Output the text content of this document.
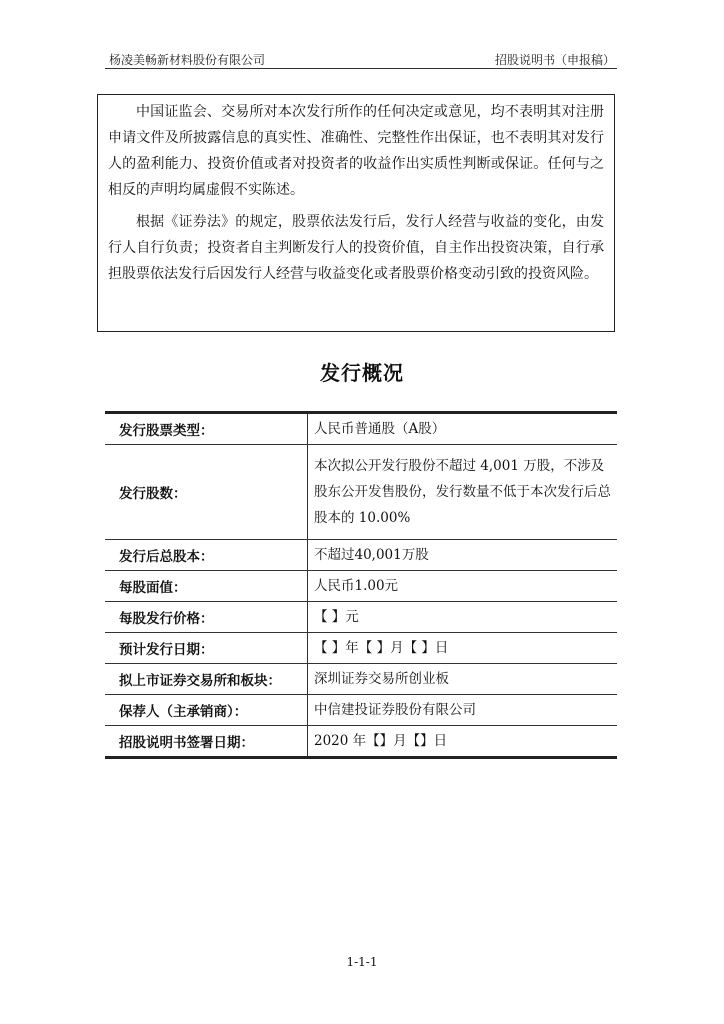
杨凌美畅新材料股份有限公司	招股说明书（申报稿）

中国证监会、交易所对本次发行所作的任何决定或意见，均不表明其对注册申请文件及所披露信息的真实性、准确性、完整性作出保证，也不表明其对发行人的盈利能力、投资价值或者对投资者的收益作出实质性判断或保证。任何与之相反的声明均属虚假不实陈述。

根据《证券法》的规定，股票依法发行后，发行人经营与收益的变化，由发行人自行负责；投资者自主判断发行人的投资价值，自主作出投资决策，自行承担股票依法发行后因发行人经营与收益变化或者股票价格变动引致的投资风险。

发行概况
发行股票类型：	人民币普通股（A股）
发行股数：	本次拟公开发行股份不超过 4,001 万股，不涉及股东公开发售股份，发行数量不低于本次发行后总股本的 10.00%
发行后总股本：	不超过40,001万股
每股面值：	人民币1.00元
每股发行价格：	【 】元
预计发行日期：	【 】年【 】月【 】日
拟上市证券交易所和板块：	深圳证券交易所创业板
保荐人（主承销商）：	中信建投证券股份有限公司
招股说明书签署日期：	2020 年【】月【】日
1-1-1
